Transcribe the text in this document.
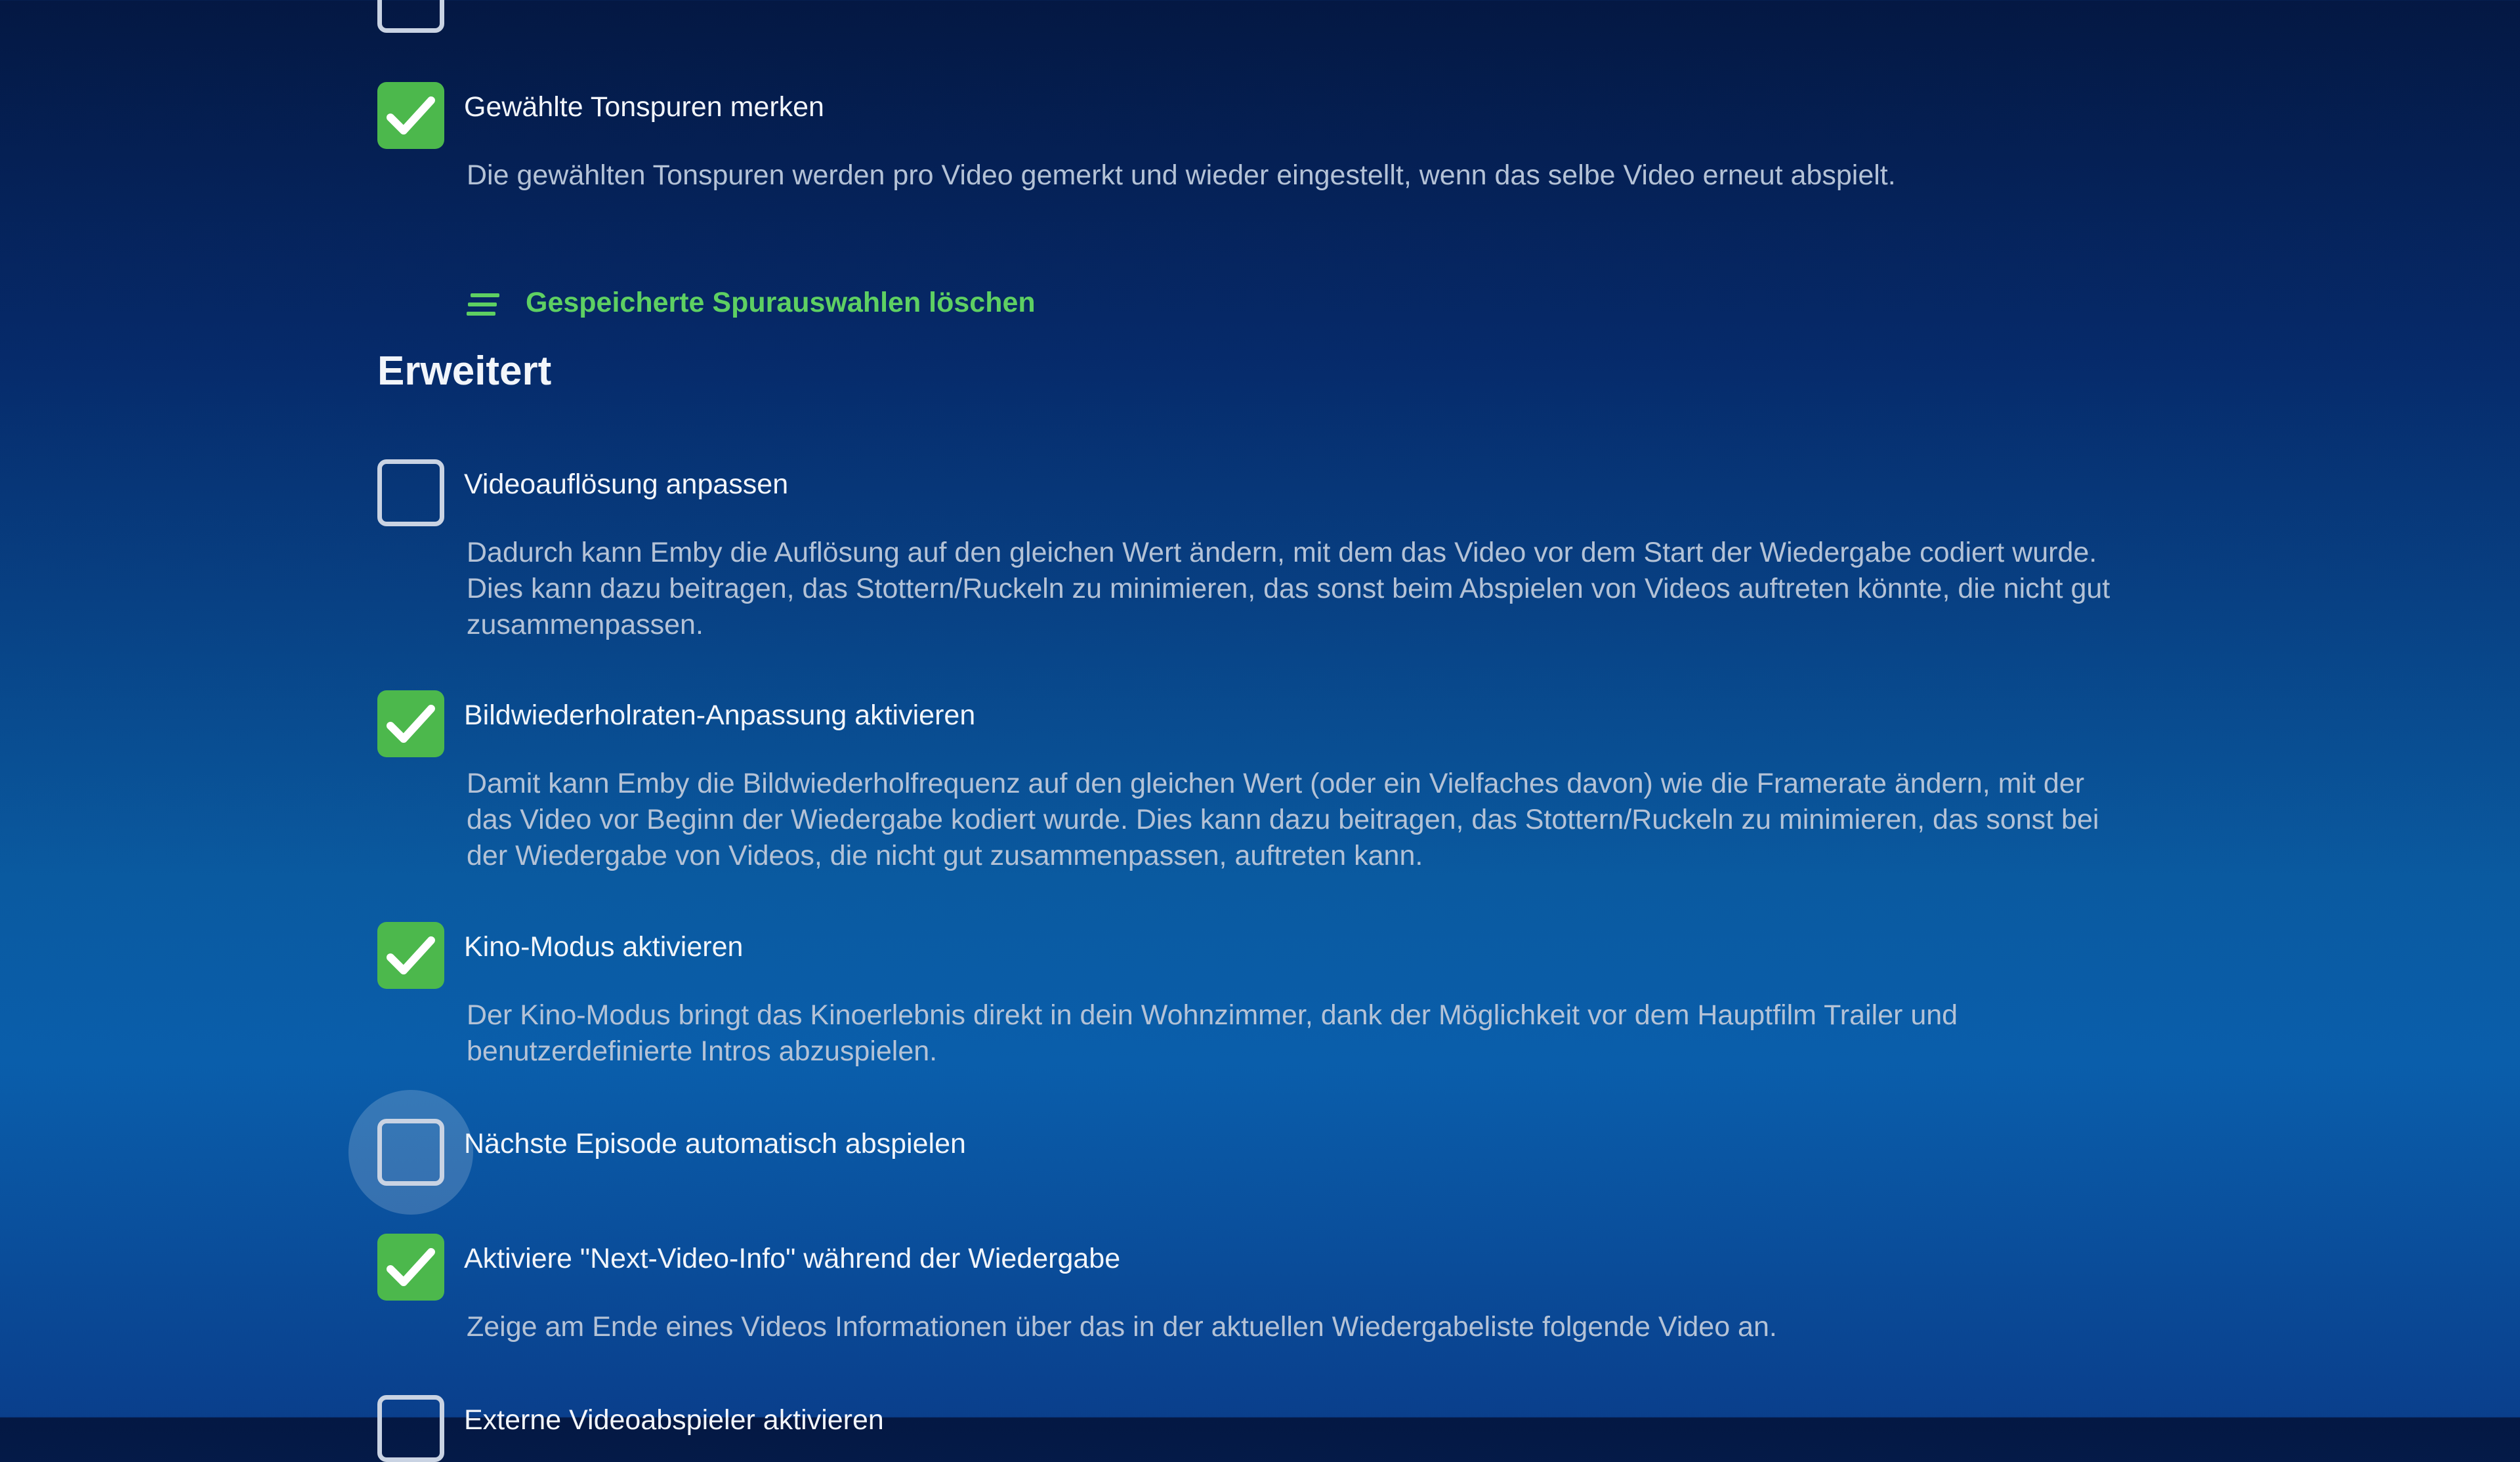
Gewählte Tonspuren merken
Die gewählten Tonspuren werden pro Video gemerkt und wieder eingestellt, wenn das selbe Video erneut abspielt.
Gespeicherte Spurauswahlen löschen
Erweitert
Videoauflösung anpassen
Dadurch kann Emby die Auflösung auf den gleichen Wert ändern, mit dem das Video vor dem Start der Wiedergabe codiert wurde. Dies kann dazu beitragen, das Stottern/Ruckeln zu minimieren, das sonst beim Abspielen von Videos auftreten könnte, die nicht gut zusammenpassen.
Bildwiederholraten-Anpassung aktivieren
Damit kann Emby die Bildwiederholfrequenz auf den gleichen Wert (oder ein Vielfaches davon) wie die Framerate ändern, mit der das Video vor Beginn der Wiedergabe kodiert wurde. Dies kann dazu beitragen, das Stottern/Ruckeln zu minimieren, das sonst bei der Wiedergabe von Videos, die nicht gut zusammenpassen, auftreten kann.
Kino-Modus aktivieren
Der Kino-Modus bringt das Kinoerlebnis direkt in dein Wohnzimmer, dank der Möglichkeit vor dem Hauptfilm Trailer und benutzerdefinierte Intros abzuspielen.
Nächste Episode automatisch abspielen
Aktiviere "Next-Video-Info" während der Wiedergabe
Zeige am Ende eines Videos Informationen über das in der aktuellen Wiedergabeliste folgende Video an.
Externe Videoabspieler aktivieren
